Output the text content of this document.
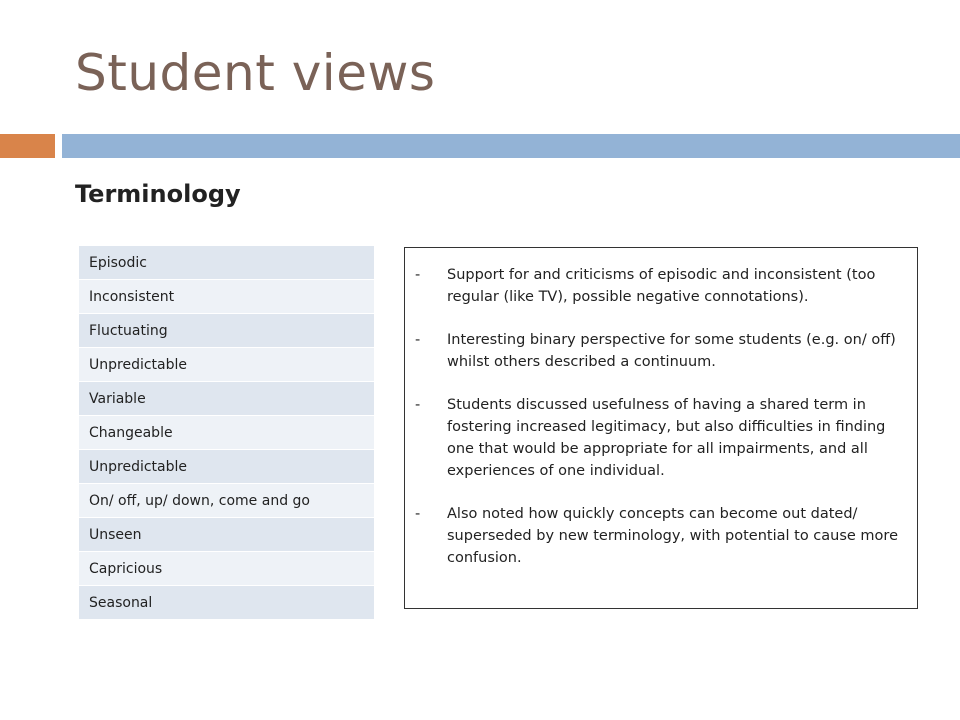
Student views
Terminology
Episodic
Inconsistent
Fluctuating
Unpredictable
Variable
Changeable
Unpredictable
On/ off, up/ down, come and go
Unseen
Capricious
Seasonal
-	Support for and criticisms of episodic and inconsistent (too regular (like TV), possible negative connotations).
-	Interesting binary perspective for some students (e.g. on/ off) whilst others described a continuum.
-	Students discussed usefulness of having a shared term in fostering increased legitimacy, but also difficulties in finding one that would be appropriate for all impairments, and all experiences of one individual.
-	Also noted how quickly concepts can become out dated/ superseded by new terminology, with potential to cause more confusion.
